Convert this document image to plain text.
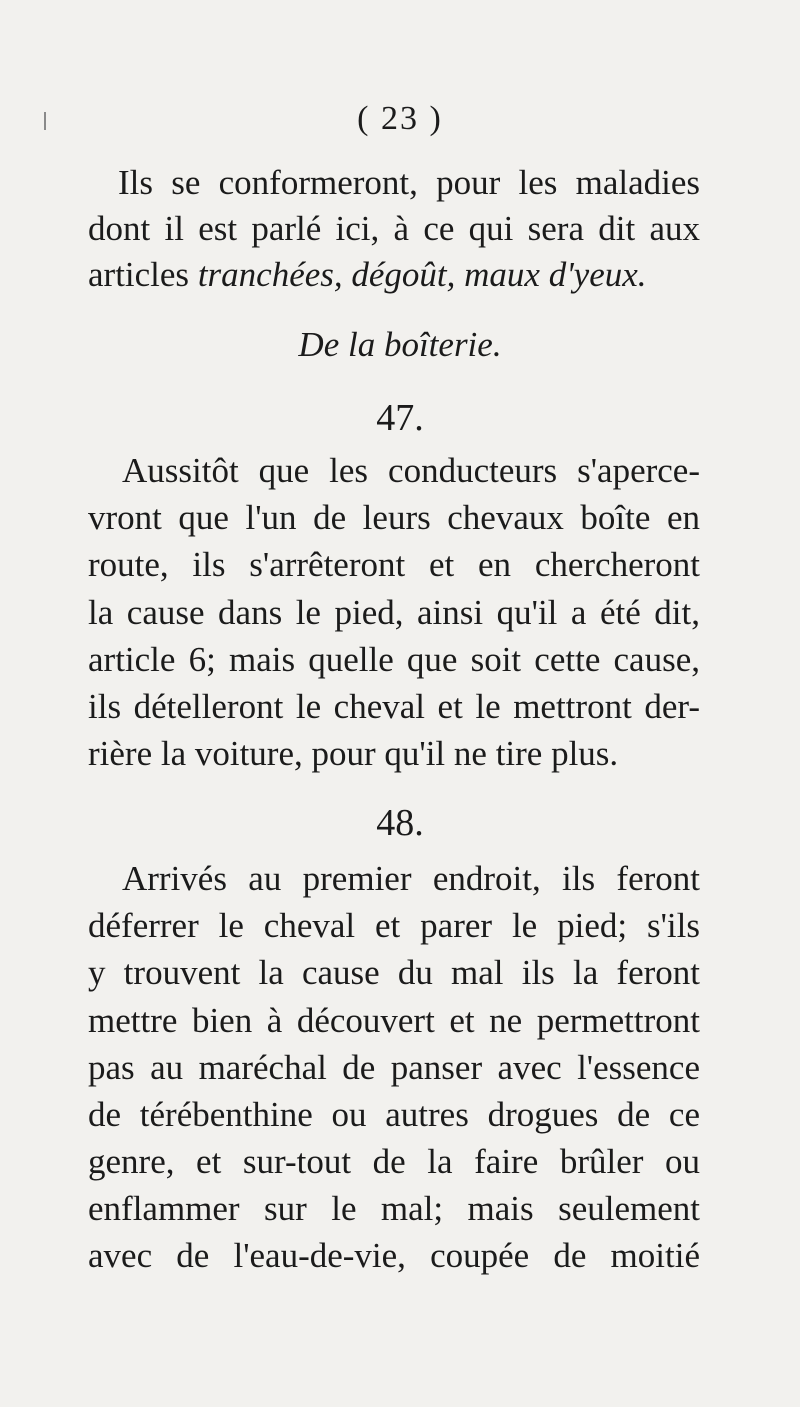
( 23 )
Ils se conformeront, pour les maladies
dont il est parlé ici, à ce qui sera dit aux
articles tranchées, dégoût, maux d'yeux.
De la boîterie.
47.
Aussitôt que les conducteurs s'aperce-
vront que l'un de leurs chevaux boîte en
route, ils s'arrêteront et en chercheront
la cause dans le pied, ainsi qu'il a été dit,
article 6; mais quelle que soit cette cause,
ils dételleront le cheval et le mettront der-
rière la voiture, pour qu'il ne tire plus.
48.
Arrivés au premier endroit, ils feront
déferrer le cheval et parer le pied; s'ils
y trouvent la cause du mal ils la feront
mettre bien à découvert et ne permettront
pas au maréchal de panser avec l'essence
de térébenthine ou autres drogues de ce
genre, et sur-tout de la faire brûler ou
enflammer sur le mal; mais seulement
avec de l'eau-de-vie, coupée de moitié
